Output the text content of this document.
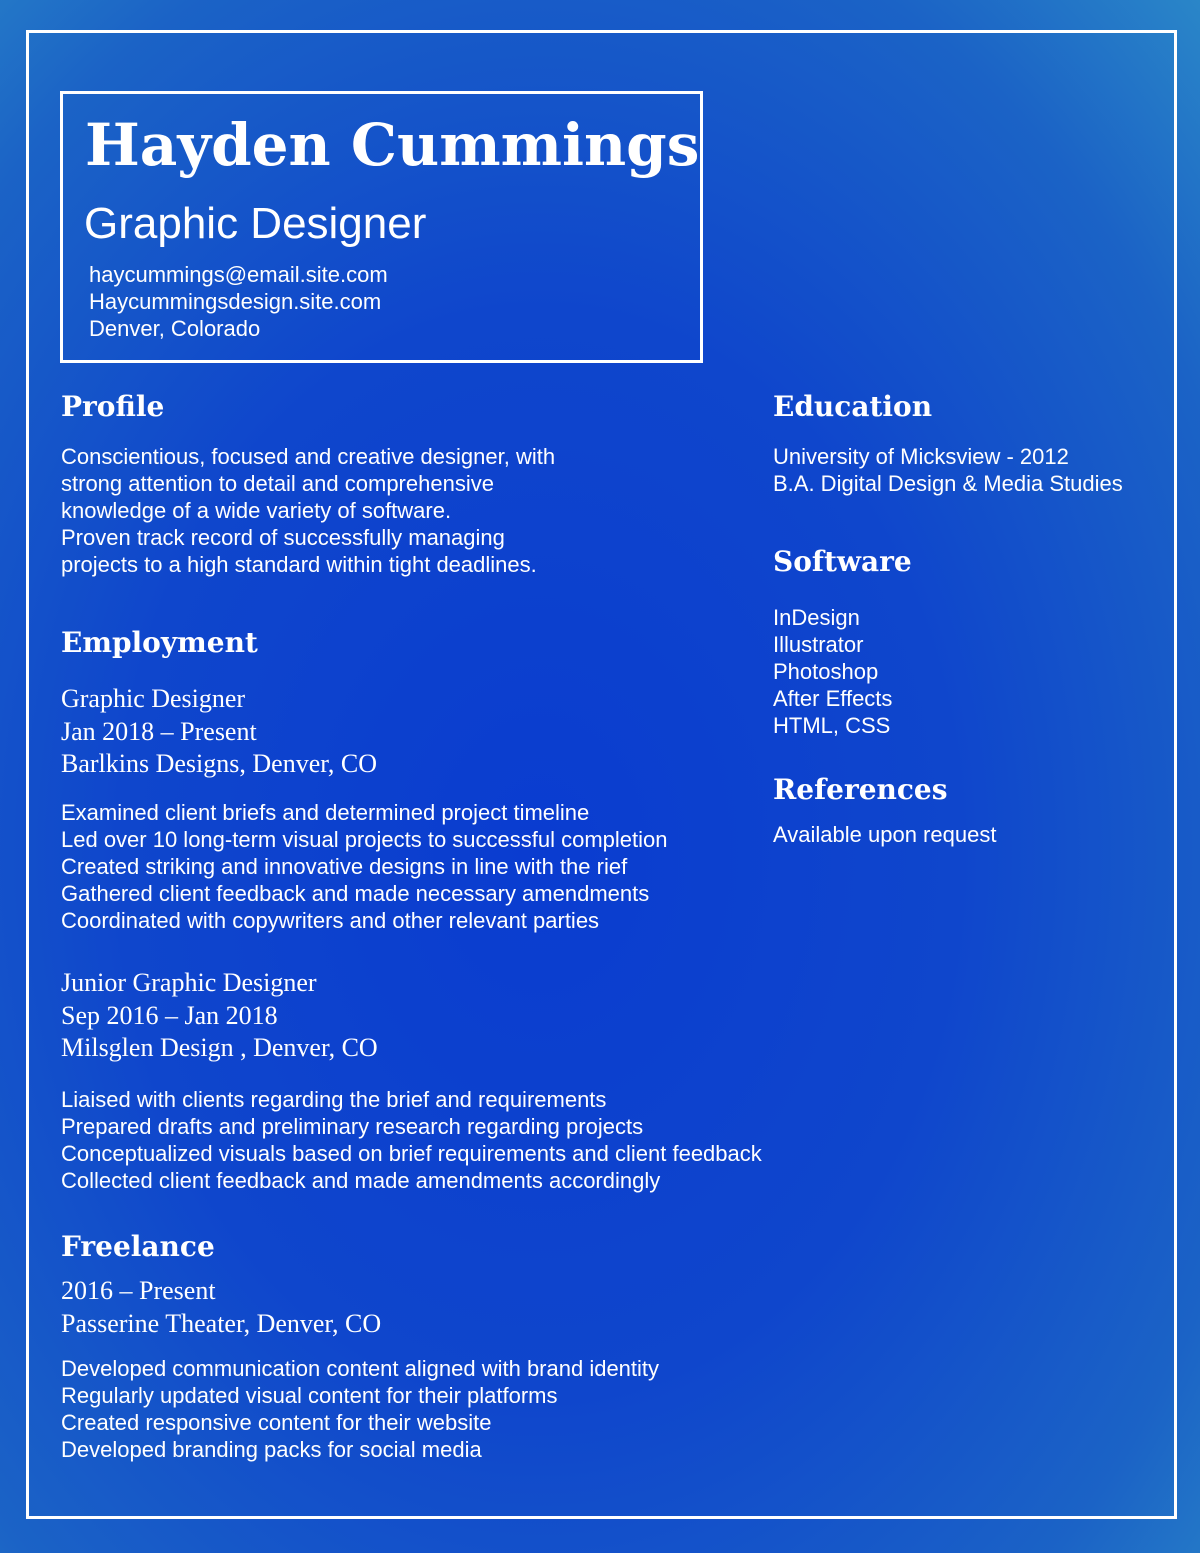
Hayden Cummings
Graphic Designer
haycummings@email.site.com
Haycummingsdesign.site.com
Denver, Colorado
Profile
Conscientious, focused and creative designer, with
strong attention to detail and comprehensive
knowledge of a wide variety of software.
Proven track record of successfully managing
projects to a high standard within tight deadlines.
Employment
Graphic Designer
Jan 2018 – Present
Barlkins Designs, Denver, CO
Examined client briefs and determined project timeline
Led over 10 long-term visual projects to successful completion
Created striking and innovative designs in line with the rief
Gathered client feedback and made necessary amendments
Coordinated with copywriters and other relevant parties
Junior Graphic Designer
Sep 2016 – Jan 2018
Milsglen Design , Denver, CO
Liaised with clients regarding the brief and requirements
Prepared drafts and preliminary research regarding projects
Conceptualized visuals based on brief requirements and client feedback
Collected client feedback and made amendments accordingly
Freelance
2016 – Present
Passerine Theater, Denver, CO
Developed communication content aligned with brand identity
Regularly updated visual content for their platforms
Created responsive content for their website
Developed branding packs for social media
Education
University of Micksview - 2012
B.A. Digital Design & Media Studies
Software
InDesign
Illustrator
Photoshop
After Effects
HTML, CSS
References
Available upon request
